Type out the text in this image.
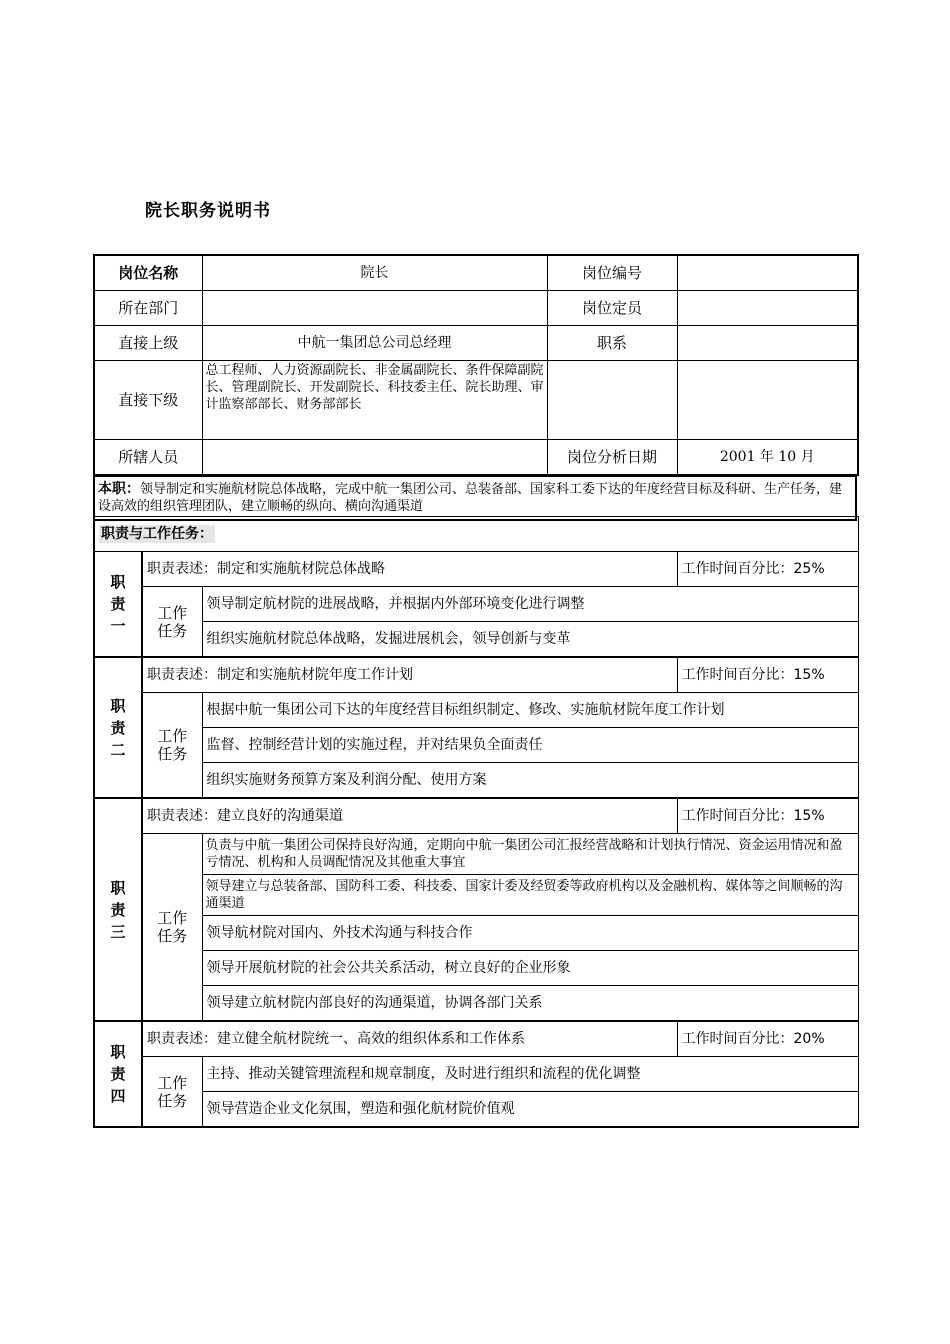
院长职务说明书
岗位名称	院长	岗位编号	
所在部门		岗位定员	
直接上级	中航一集团总公司总经理	职系	
直接下级	总工程师、人力资源副院长、非金属副院长、条件保障副院长、管理副院长、开发副院长、科技委主任、院长助理、审计监察部部长、财务部部长		
所辖人员		岗位分析日期	2001 年 10 月
本职：领导制定和实施航材院总体战略，完成中航一集团公司、总装备部、国家科工委下达的年度经营目标及科研、生产任务，建设高效的组织管理团队，建立顺畅的纵向、横向沟通渠道
职责与工作任务：			

职责一	职责表述：制定和实施航材院总体战略		工作时间百分比：25%

	工作任务	领导制定航材院的进展战略，并根据内外部环境变化进行调整	
		组织实施航材院总体战略，发掘进展机会，领导创新与变革	

职责二	职责表述：制定和实施航材院年度工作计划		工作时间百分比：15%

	工作任务	根据中航一集团公司下达的年度经营目标组织制定、修改、实施航材院年度工作计划	
		监督、控制经营计划的实施过程，并对结果负全面责任	
		组织实施财务预算方案及利润分配、使用方案	

职责三	职责表述：建立良好的沟通渠道		工作时间百分比：15%

	工作任务	负责与中航一集团公司保持良好沟通，定期向中航一集团公司汇报经营战略和计划执行情况、资金运用情况和盈亏情况、机构和人员调配情况及其他重大事宜	
		领导建立与总装备部、国防科工委、科技委、国家计委及经贸委等政府机构以及金融机构、媒体等之间顺畅的沟通渠道	
		领导航材院对国内、外技术沟通与科技合作	
		领导开展航材院的社会公共关系活动，树立良好的企业形象	
		领导建立航材院内部良好的沟通渠道，协调各部门关系	

职责四	职责表述：建立健全航材院统一、高效的组织体系和工作体系		工作时间百分比：20%

	工作任务	主持、推动关键管理流程和规章制度，及时进行组织和流程的优化调整	
		领导营造企业文化氛围，塑造和强化航材院价值观	
